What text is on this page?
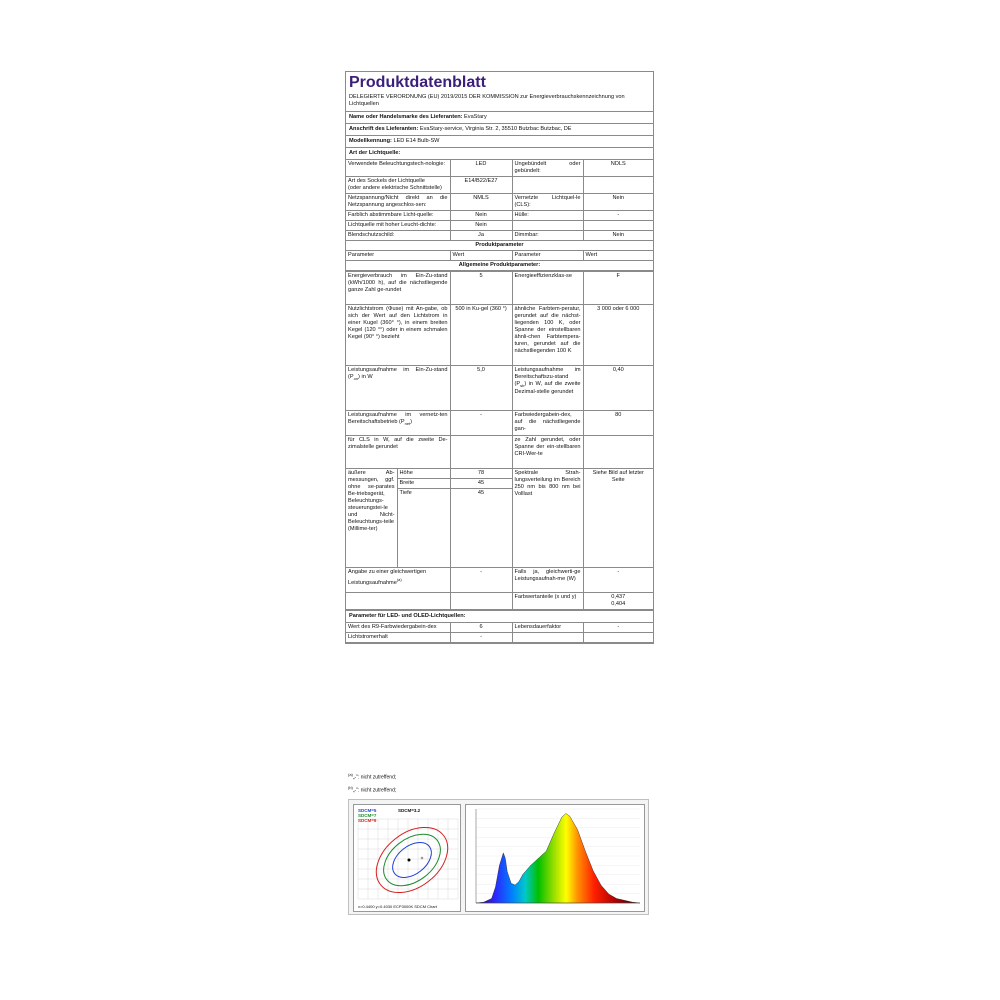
Produktdatenblatt
DELEGIERTE VERORDNUNG (EU) 2019/2015 DER KOMMISSION zur Energieverbrauchskennzeichnung von Lichtquellen
Name oder Handelsmarke des Lieferanten: EvaStary
Anschrift des Lieferanten: EvaStary-service, Virginia Str. 2, 35510 Butzbac Butzbac, DE
Modellkennung: LED E14 Bulb-SW
Art der Lichtquelle:
Verwendete Beleuchtungstech-nologie:	LED	Ungebündelt oder gebündelt:	NDLS

Art des Sockels der Lichtquelle
(oder andere elektrische Schnittstelle)	E14/B22/E27		
Netzspannung/Nicht direkt an die Netzspannung angeschlos-sen:	NMLS	Vernetzte Lichtquel-le (CLS):	Nein
Farblich abstimmbare Licht-quelle:	Nein	Hülle:	-
Lichtquelle mit hoher Leucht-dichte:	Nein		
Blendschutzschild:	Ja	Dimmbar:	Nein
Produktparameter			
Parameter	Wert	Parameter	Wert
Allgemeine Produktparameter:			
Energieverbrauch im Ein-Zu-stand (kWh/1000 h), auf die nächstliegende ganze Zahl ge-rundet		5	Energieeffizienzklas-se	F
Nutzlichtstrom (Φuse) mit An-gabe, ob sich der Wert auf den Lichtstrom in einer Kugel (360° °), in einem breiten Kegel (120 °°) oder in einem schmalen Kegel (90° °) bezieht		500 in Ku-gel (360 °)	ähnliche Farbtem-peratur, gerundet auf die nächst-liegenden 100 K, oder Spanne der einstellbaren ähnli-chen Farbtempera-turen, gerundet auf die nächstliegenden 100 K	3 000 oder 6 000
Leistungsaufnahme im Ein-Zu-stand $(P_{on})$ in W		5,0	Leistungsaufnahme im Bereitschaftszu-stand $(P_{sb})$ in W, auf die zweite Dezimal-stelle gerundet	0,40
Leistungsaufnahme im vernetz-ten Bereitschaftsbetrieb $(P_{net})$		-	Farbwiedergabein-dex, auf die nächstliegende gan-	80
für CLS in W, auf die zweite De-zimalstelle gerundet			ze Zahl gerundet, oder Spanne der ein-stellbaren CRI-Wer-te	
äußere Ab-messungen, ggf. ohne se-parates Be-triebsgerät, Beleuchtungs-steuerungstei-le und Nicht-Beleuchtungs-teile (Millime-ter)	Höhe	78	Spektrale Strah-lungsverteilung im Bereich 250 nm bis 800 nm bei Volllast	Siehe Bild auf letzter Seite
	Breite	45		
	Tiefe	45		
Angabe zu einer gleichwertigen Leistungsaufnahme$^{(a)}$		-	Falls ja, gleichwerti-ge Leistungsaufnah-me (W)	-
			Farbwertanteile (x und y)	0,437
0,404
Parameter für LED- und OLED-Lichtquellen:
Wert des R9-Farbwiedergabein-dex	6	Lebensdauerfaktor	-
Lichtstromerhalt	-		
$^{(a)}$„-": nicht zutreffend;
$^{(b)}$„-": nicht zutreffend;
SDCM=5
SDCM=7
SDCM=9
SDCM=3.2
x=0.4400 y=0.4030 ECP3000K SDCM Chart
